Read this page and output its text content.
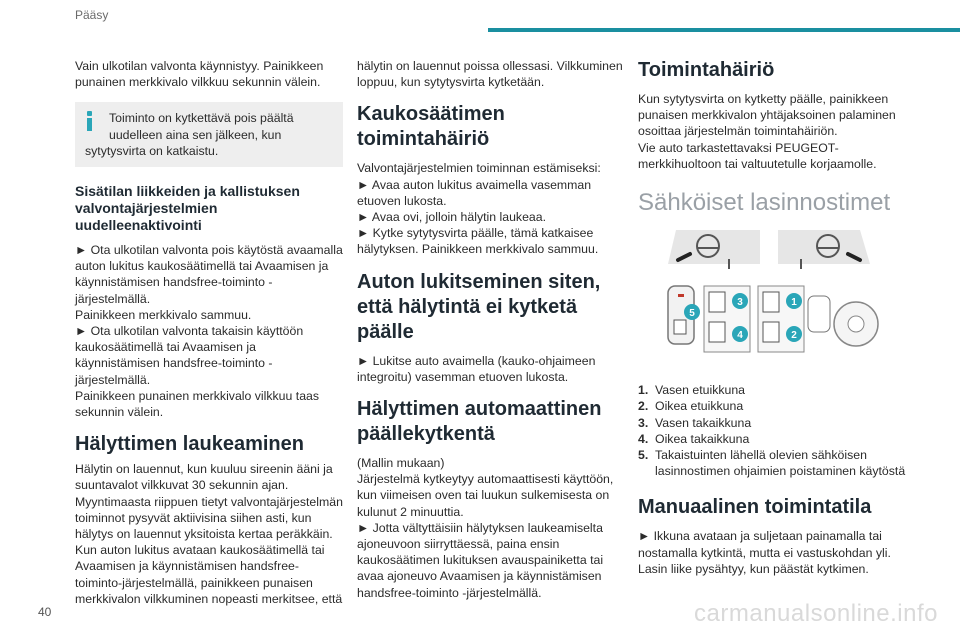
Pääsy

Vain ulkotilan valvonta käynnistyy. Painikkeen punainen merkkivalo vilkkuu sekunnin välein.

Toiminto on kytkettävä pois päältä
uudelleen aina sen jälkeen, kun
sytytysvirta on katkaistu.
Sisätilan liikkeiden ja kallistuksen valvontajärjestelmien uudelleenaktivointi

► Ota ulkotilan valvonta pois käytöstä avaamalla auton lukitus kaukosäätimellä tai Avaamisen ja käynnistämisen handsfree-toiminto -järjestelmällä.

Painikkeen merkkivalo sammuu.

► Ota ulkotilan valvonta takaisin käyttöön kaukosäätimellä tai Avaamisen ja käynnistämisen handsfree-toiminto -järjestelmällä.

Painikkeen punainen merkkivalo vilkkuu taas sekunnin välein.

Hälyttimen laukeaminen

Hälytin on lauennut, kun kuuluu sireenin ääni ja suuntavalot vilkkuvat 30 sekunnin ajan.

Myyntimaasta riippuen tietyt valvontajärjestelmän toiminnot pysyvät aktiivisina siihen asti, kun hälytys on lauennut yksitoista kertaa peräkkäin.

Kun auton lukitus avataan kaukosäätimellä tai Avaamisen ja käynnistämisen handsfree-toiminto-järjestelmällä, painikkeen punaisen merkkivalon vilkkuminen nopeasti merkitsee, että

hälytin on lauennut poissa ollessasi. Vilkkuminen loppuu, kun sytytysvirta kytketään.

Kaukosäätimen toimintahäiriö

Valvontajärjestelmien toiminnan estämiseksi:

► Avaa auton lukitus avaimella vasemman etuoven lukosta.

► Avaa ovi, jolloin hälytin laukeaa.

► Kytke sytytysvirta päälle, tämä katkaisee hälytyksen. Painikkeen merkkivalo sammuu.

Auton lukitseminen siten, että hälytintä ei kytketä päälle

► Lukitse auto avaimella (kauko-ohjaimeen integroitu) vasemman etuoven lukosta.

Hälyttimen automaattinen päällekytkentä

(Mallin mukaan)

Järjestelmä kytkeytyy automaattisesti käyttöön, kun viimeisen oven tai luukun sulkemisesta on kulunut 2 minuuttia.

► Jotta vältyttäisiin hälytyksen laukeamiselta ajoneuvoon siirryttäessä, paina ensin kaukosäätimen lukituksen avauspainiketta tai avaa ajoneuvo Avaamisen ja käynnistämisen handsfree-toiminto -järjestelmällä.

Toimintahäiriö

Kun sytytysvirta on kytketty päälle, painikkeen punaisen merkkivalon yhtäjaksoinen palaminen osoittaa järjestelmän toimintahäiriön.

Vie auto tarkastettavaksi PEUGEOT-merkkihuoltoon tai valtuutetulle korjaamolle.

Sähköiset lasinnostimet
5
3
4
1
2
1. Vasen etuikkuna
2. Oikea etuikkuna
3. Vasen takaikkuna
4. Oikea takaikkuna
5. Takaistuinten lähellä olevien sähköisen lasinnostimen ohjaimien poistaminen käytöstä
Manuaalinen toimintatila

► Ikkuna avataan ja suljetaan painamalla tai nostamalla kytkintä, mutta ei vastuskohdan yli. Lasin liike pysähtyy, kun päästät kytkimen.

40	carmanualsonline.info
